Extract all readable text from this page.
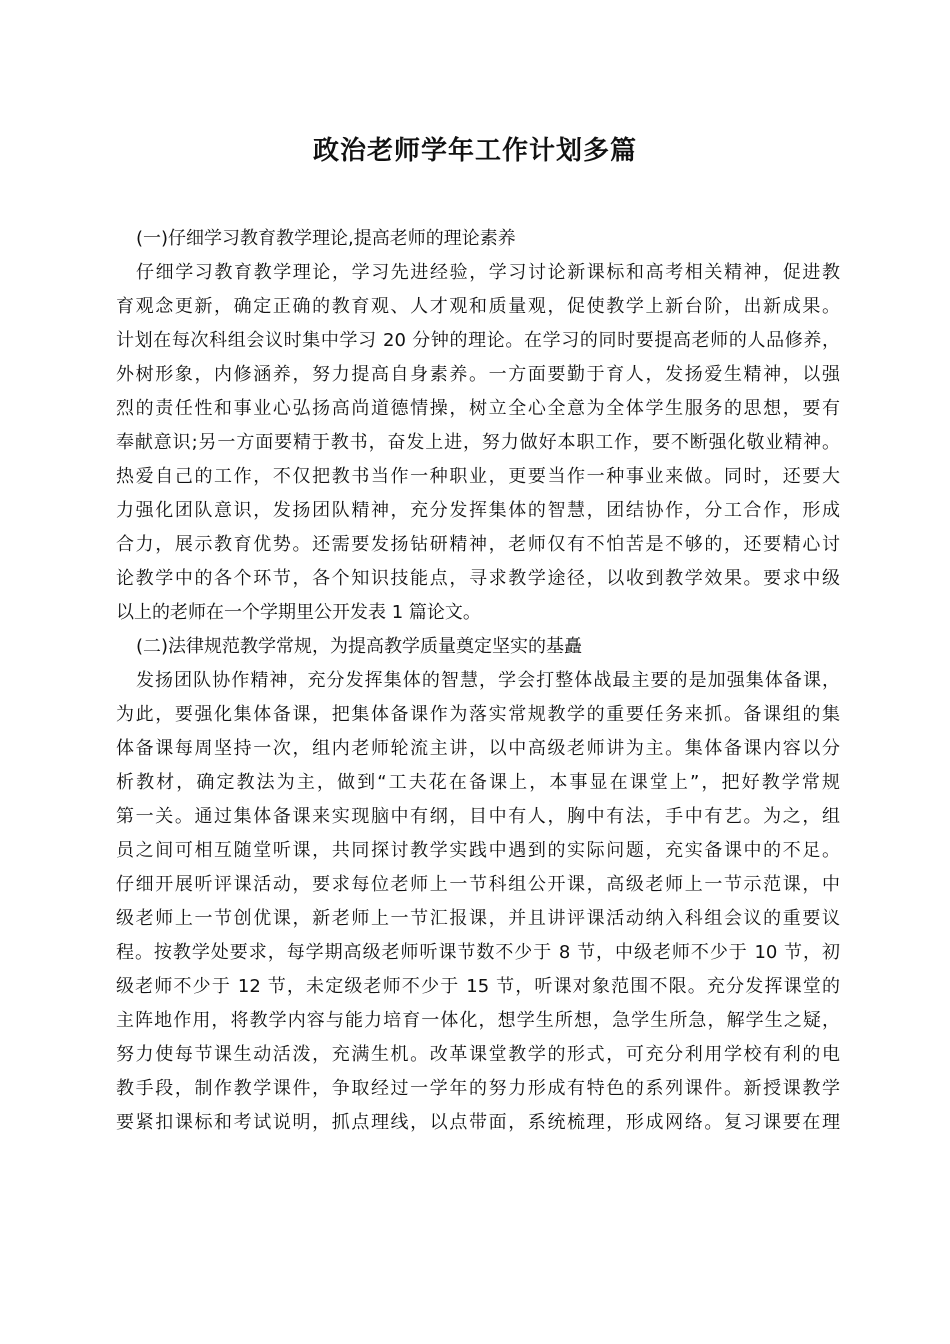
政治老师学年工作计划多篇

(一)仔细学习教育教学理论,提高老师的理论素养

仔细学习教育教学理论，学习先进经验，学习讨论新课标和高考相关精神，促进教

育观念更新，确定正确的教育观、人才观和质量观，促使教学上新台阶，出新成果。

计划在每次科组会议时集中学习 20 分钟的理论。在学习的同时要提高老师的人品修养，

外树形象，内修涵养，努力提高自身素养。一方面要勤于育人，发扬爱生精神，以强

烈的责任性和事业心弘扬高尚道德情操，树立全心全意为全体学生服务的思想，要有

奉献意识;另一方面要精于教书，奋发上进，努力做好本职工作，要不断强化敬业精神。

热爱自己的工作，不仅把教书当作一种职业，更要当作一种事业来做。同时，还要大

力强化团队意识，发扬团队精神，充分发挥集体的智慧，团结协作，分工合作，形成

合力，展示教育优势。还需要发扬钻研精神，老师仅有不怕苦是不够的，还要精心讨

论教学中的各个环节，各个知识技能点，寻求教学途径，以收到教学效果。要求中级

以上的老师在一个学期里公开发表 1 篇论文。

(二)法律规范教学常规，为提高教学质量奠定坚实的基矗

发扬团队协作精神，充分发挥集体的智慧，学会打整体战最主要的是加强集体备课，

为此，要强化集体备课，把集体备课作为落实常规教学的重要任务来抓。备课组的集

体备课每周坚持一次，组内老师轮流主讲，以中高级老师讲为主。集体备课内容以分

析教材，确定教法为主，做到“工夫花在备课上，本事显在课堂上”，把好教学常规

第一关。通过集体备课来实现脑中有纲，目中有人，胸中有法，手中有艺。为之，组

员之间可相互随堂听课，共同探讨教学实践中遇到的实际问题，充实备课中的不足。

仔细开展听评课活动，要求每位老师上一节科组公开课，高级老师上一节示范课，中

级老师上一节创优课，新老师上一节汇报课，并且讲评课活动纳入科组会议的重要议

程。按教学处要求，每学期高级老师听课节数不少于 8 节，中级老师不少于 10 节，初

级老师不少于 12 节，未定级老师不少于 15 节，听课对象范围不限。充分发挥课堂的

主阵地作用，将教学内容与能力培育一体化，想学生所想，急学生所急，解学生之疑，

努力使每节课生动活泼，充满生机。改革课堂教学的形式，可充分利用学校有利的电

教手段，制作教学课件，争取经过一学年的努力形成有特色的系列课件。新授课教学

要紧扣课标和考试说明，抓点理线，以点带面，系统梳理，形成网络。复习课要在理
